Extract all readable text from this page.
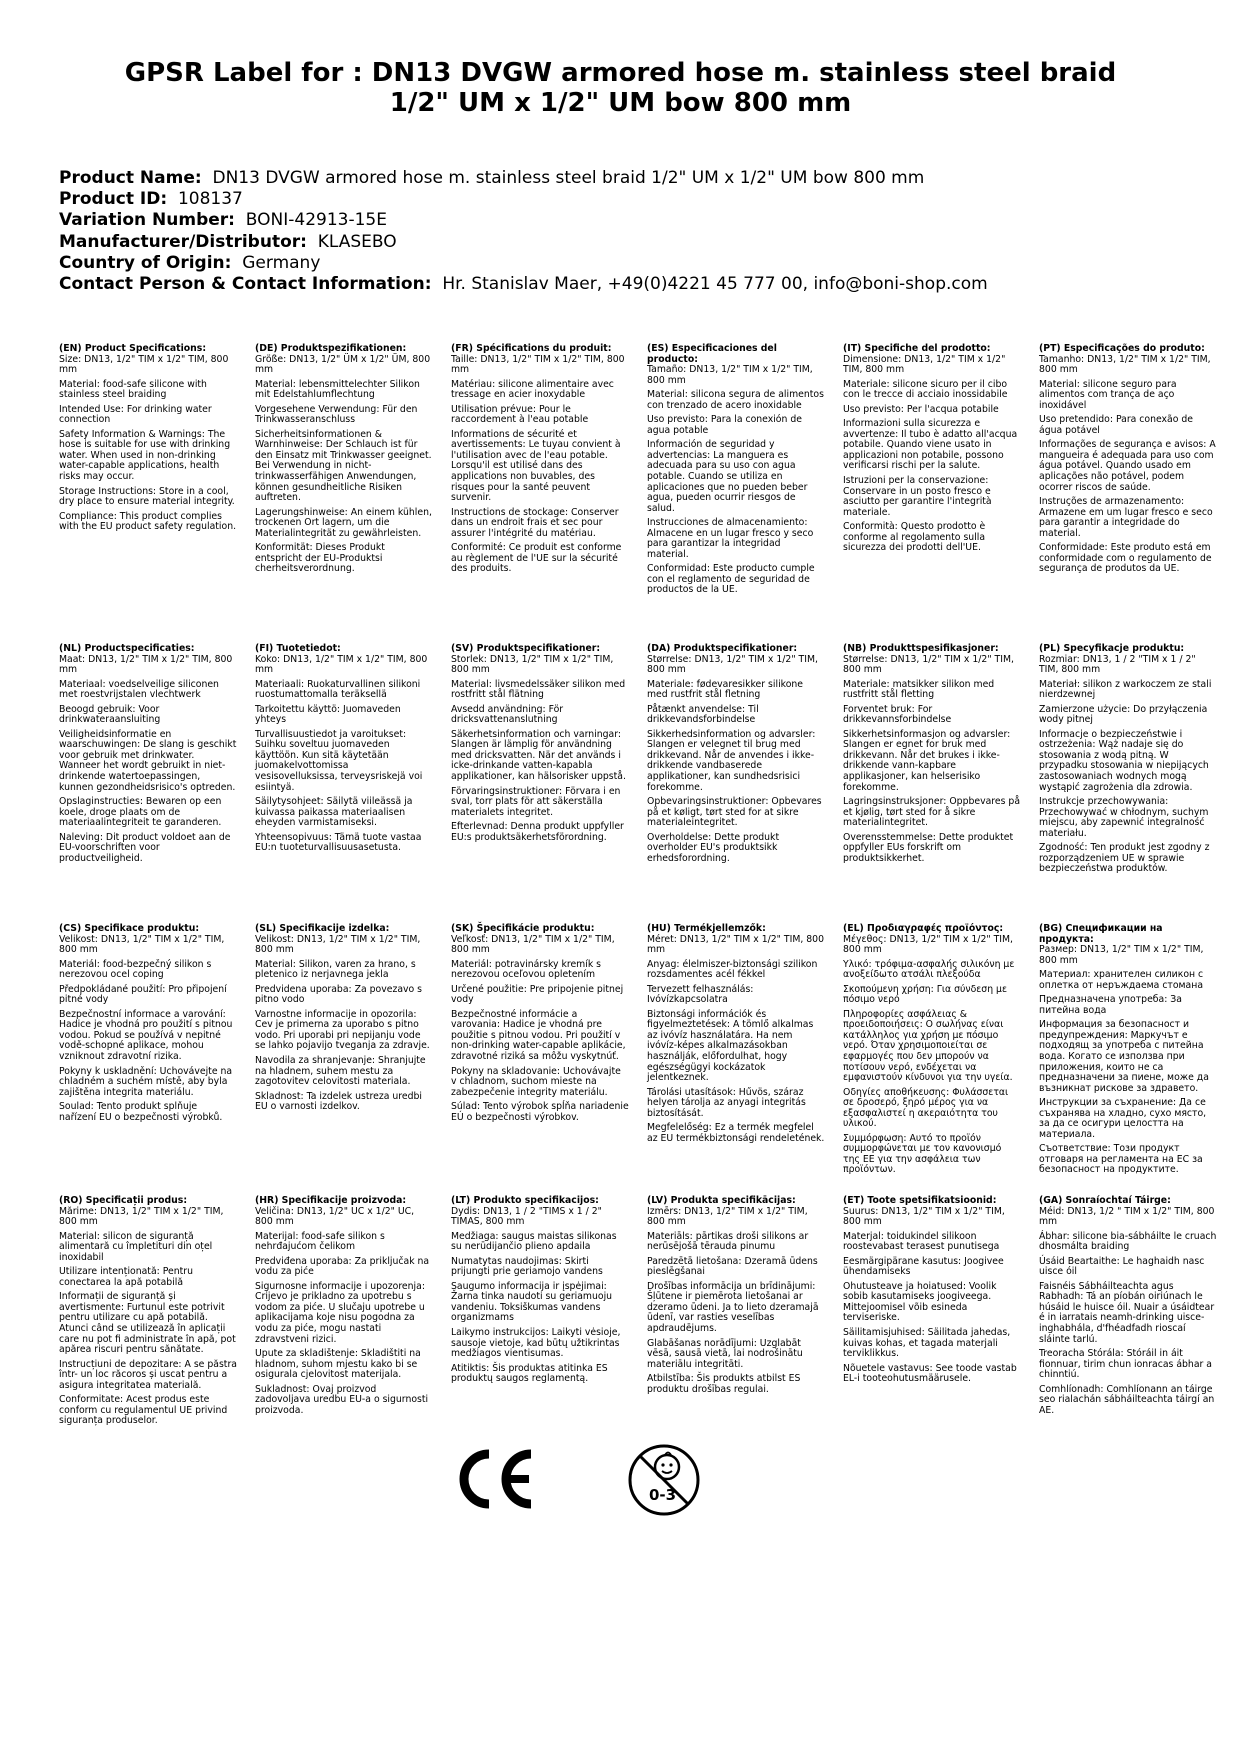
GPSR Label for : DN13 DVGW armored hose m. stainless steel braid
1/2" UM x 1/2" UM bow 800 mm
Product Name: DN13 DVGW armored hose m. stainless steel braid 1/2" UM x 1/2" UM bow 800 mm
Product ID: 108137
Variation Number: BONI-42913-15E
Manufacturer/Distributor: KLASEBO
Country of Origin: Germany
Contact Person & Contact Information: Hr. Stanislav Maer, +49(0)4221 45 777 00, info@boni-shop.com
(EN) Product Specifications:
Size: DN13, 1/2" TIM x 1/2" TIM, 800 mm
Material: food-safe silicone with stainless steel braiding
Intended Use: For drinking water connection
Safety Information & Warnings: The hose is suitable for use with drinking water. When used in non-drinking water-capable applications, health risks may occur.
Storage Instructions: Store in a cool, dry place to ensure material integrity.
Compliance: This product complies with the EU product safety regulation.
(DE) Produktspezifikationen:
Größe: DN13, 1/2" ÜM x 1/2" ÜM, 800 mm
Material: lebensmittelechter Silikon mit Edelstahlumflechtung
Vorgesehene Verwendung: Für den Trinkwasseranschluss
Sicherheitsinformationen & Warnhinweise: Der Schlauch ist für den Einsatz mit Trinkwasser geeignet. Bei Verwendung in nicht-trinkwasserfähigen Anwendungen, können gesundheitliche Risiken auftreten.
Lagerungshinweise: An einem kühlen, trockenen Ort lagern, um die Materialintegrität zu gewährleisten.
Konformität: Dieses Produkt entspricht der EU-Produktsi cherheitsverordnung.
(FR) Spécifications du produit:
Taille: DN13, 1/2" TIM x 1/2" TIM, 800 mm
Matériau: silicone alimentaire avec tressage en acier inoxydable
Utilisation prévue: Pour le raccordement à l'eau potable
Informations de sécurité et avertissements: Le tuyau convient à l'utilisation avec de l'eau potable. Lorsqu'il est utilisé dans des applications non buvables, des risques pour la santé peuvent survenir.
Instructions de stockage: Conserver dans un endroit frais et sec pour assurer l'intégrité du matériau.
Conformité: Ce produit est conforme au règlement de l'UE sur la sécurité des produits.
(ES) Especificaciones del producto:
Tamaño: DN13, 1/2" TIM x 1/2" TIM, 800 mm
Material: silicona segura de alimentos con trenzado de acero inoxidable
Uso previsto: Para la conexión de agua potable
Información de seguridad y advertencias: La manguera es adecuada para su uso con agua potable. Cuando se utiliza en aplicaciones que no pueden beber agua, pueden ocurrir riesgos de salud.
Instrucciones de almacenamiento: Almacene en un lugar fresco y seco para garantizar la integridad material.
Conformidad: Este producto cumple con el reglamento de seguridad de productos de la UE.
(IT) Specifiche del prodotto:
Dimensione: DN13, 1/2" TIM x 1/2" TIM, 800 mm
Materiale: silicone sicuro per il cibo con le trecce di acciaio inossidabile
Uso previsto: Per l'acqua potabile
Informazioni sulla sicurezza e avvertenze: Il tubo è adatto all'acqua potabile. Quando viene usato in applicazioni non potabile, possono verificarsi rischi per la salute.
Istruzioni per la conservazione: Conservare in un posto fresco e asciutto per garantire l'integrità materiale.
Conformità: Questo prodotto è conforme al regolamento sulla sicurezza dei prodotti dell'UE.
(PT) Especificações do produto:
Tamanho: DN13, 1/2" TIM x 1/2" TIM, 800 mm
Material: silicone seguro para alimentos com trança de aço inoxidável
Uso pretendido: Para conexão de água potável
Informações de segurança e avisos: A mangueira é adequada para uso com água potável. Quando usado em aplicações não potável, podem ocorrer riscos de saúde.
Instruções de armazenamento: Armazene em um lugar fresco e seco para garantir a integridade do material.
Conformidade: Este produto está em conformidade com o regulamento de segurança de produtos da UE.
(NL) Productspecificaties:
Maat: DN13, 1/2" TIM x 1/2" TIM, 800 mm
Materiaal: voedselveilige siliconen met roestvrijstalen vlechtwerk
Beoogd gebruik: Voor drinkwateraansluiting
Veiligheidsinformatie en waarschuwingen: De slang is geschikt voor gebruik met drinkwater. Wanneer het wordt gebruikt in niet-drinkende watertoepassingen, kunnen gezondheidsrisico's optreden.
Opslaginstructies: Bewaren op een koele, droge plaats om de materiaalintegriteit te garanderen.
Naleving: Dit product voldoet aan de EU-voorschriften voor productveiligheid.
(FI) Tuotetiedot:
Koko: DN13, 1/2" TIM x 1/2" TIM, 800 mm
Materiaali: Ruokaturvallinen silikoni ruostumattomalla teräksellä
Tarkoitettu käyttö: Juomaveden yhteys
Turvallisuustiedot ja varoitukset: Suihku soveltuu juomaveden käyttöön. Kun sitä käytetään juomakelvottomissa vesisovelluksissa, terveysriskejä voi esiintyä.
Säilytysohjeet: Säilytä viileässä ja kuivassa paikassa materiaalisen eheyden varmistamiseksi.
Yhteensopivuus: Tämä tuote vastaa EU:n tuoteturvallisuusasetusta.
(SV) Produktspecifikationer:
Storlek: DN13, 1/2" TIM x 1/2" TIM, 800 mm
Material: livsmedelssäker silikon med rostfritt stål flätning
Avsedd användning: För dricksvattenanslutning
Säkerhetsinformation och varningar: Slangen är lämplig för användning med dricksvatten. När det används i icke-drinkande vatten-kapabla applikationer, kan hälsorisker uppstå.
Förvaringsinstruktioner: Förvara i en sval, torr plats för att säkerställa materialets integritet.
Efterlevnad: Denna produkt uppfyller EU:s produktsäkerhetsförordning.
(DA) Produktspecifikationer:
Størrelse: DN13, 1/2" TIM x 1/2" TIM, 800 mm
Materiale: fødevaresikker silikone med rustfrit stål fletning
Påtænkt anvendelse: Til drikkevandsforbindelse
Sikkerhedsinformation og advarsler: Slangen er velegnet til brug med drikkevand. Når de anvendes i ikke-drikkende vandbaserede applikationer, kan sundhedsrisici forekomme.
Opbevaringsinstruktioner: Opbevares på et køligt, tørt sted for at sikre materialeintegritet.
Overholdelse: Dette produkt overholder EU's produktsikk erhedsforordning.
(NB) Produkttspesifikasjoner:
Størrelse: DN13, 1/2" TIM x 1/2" TIM, 800 mm
Materiale: matsikker silikon med rustfritt stål fletting
Forventet bruk: For drikkevannsforbindelse
Sikkerhetsinformasjon og advarsler: Slangen er egnet for bruk med drikkevann. Når det brukes i ikke-drikkende vann-kapbare applikasjoner, kan helserisiko forekomme.
Lagringsinstruksjoner: Oppbevares på et kjølig, tørt sted for å sikre materialintegritet.
Overensstemmelse: Dette produktet oppfyller EUs forskrift om produktsikkerhet.
(PL) Specyfikacje produktu:
Rozmiar: DN13, 1 / 2 "TIM x 1 / 2" TIM, 800 mm
Materiał: silikon z warkoczem ze stali nierdzewnej
Zamierzone użycie: Do przyłączenia wody pitnej
Informacje o bezpieczeństwie i ostrzeżenia: Wąż nadaje się do stosowania z wodą pitną. W przypadku stosowania w niepijących zastosowaniach wodnych mogą wystąpić zagrożenia dla zdrowia.
Instrukcje przechowywania: Przechowywać w chłodnym, suchym miejscu, aby zapewnić integralność materiału.
Zgodność: Ten produkt jest zgodny z rozporządzeniem UE w sprawie bezpieczeństwa produktów.
(CS) Specifikace produktu:
Velikost: DN13, 1/2" TIM x 1/2" TIM, 800 mm
Materiál: food-bezpečný silikon s nerezovou ocel coping
Předpokládané použití: Pro připojení pitné vody
Bezpečnostní informace a varování: Hadice je vhodná pro použití s pitnou vodou. Pokud se používá v nepitné vodě-schopné aplikace, mohou vzniknout zdravotní rizika.
Pokyny k uskladnění: Uchovávejte na chladném a suchém místě, aby byla zajištěna integrita materiálu.
Soulad: Tento produkt splňuje nařízení EU o bezpečnosti výrobků.
(SL) Specifikacije izdelka:
Velikost: DN13, 1/2" TIM x 1/2" TIM, 800 mm
Material: Silikon, varen za hrano, s pletenico iz nerjavnega jekla
Predvidena uporaba: Za povezavo s pitno vodo
Varnostne informacije in opozorila: Cev je primerna za uporabo s pitno vodo. Pri uporabi pri nepijanju vode se lahko pojavijo tveganja za zdravje.
Navodila za shranjevanje: Shranjujte na hladnem, suhem mestu za zagotovitev celovitosti materiala.
Skladnost: Ta izdelek ustreza uredbi EU o varnosti izdelkov.
(SK) Špecifikácie produktu:
Veľkosť: DN13, 1/2" TIM x 1/2" TIM, 800 mm
Materiál: potravinársky kremík s nerezovou oceľovou opletením
Určené použitie: Pre pripojenie pitnej vody
Bezpečnostné informácie a varovania: Hadice je vhodná pre použitie s pitnou vodou. Pri použití v non-drinking water-capable aplikácie, zdravotné riziká sa môžu vyskytnúť.
Pokyny na skladovanie: Uchovávajte v chladnom, suchom mieste na zabezpečenie integrity materiálu.
Súlad: Tento výrobok spĺňa nariadenie EÚ o bezpečnosti výrobkov.
(HU) Termékjellemzők:
Méret: DN13, 1/2" TIM x 1/2" TIM, 800 mm
Anyag: élelmiszer-biztonsági szilikon rozsdamentes acél fékkel
Tervezett felhasználás: Ivóvízkapcsolatra
Biztonsági információk és figyelmeztetések: A tömlő alkalmas az ivóvíz használatára. Ha nem ivóvíz-képes alkalmazásokban használják, előfordulhat, hogy egészségügyi kockázatok jelentkeznek.
Tárolási utasítások: Hűvös, száraz helyen tárolja az anyagi integritás biztosítását.
Megfelelőség: Ez a termék megfelel az EU termékbiztonsági rendeletének.
(EL) Προδιαγραφές προϊόντος:
Μέγεθος: DN13, 1/2" TIM x 1/2" TIM, 800 mm
Υλικό: τρόφιμα-ασφαλής σιλικόνη με ανοξείδωτο ατσάλι πλεξούδα
Σκοπούμενη χρήση: Για σύνδεση με πόσιμο νερό
Πληροφορίες ασφάλειας & προειδοποιήσεις: Ο σωλήνας είναι κατάλληλος για χρήση με πόσιμο νερό. Όταν χρησιμοποιείται σε εφαρμογές που δεν μπορούν να ποτίσουν νερό, ενδέχεται να εμφανιστούν κίνδυνοι για την υγεία.
Οδηγίες αποθήκευσης: Φυλάσσεται σε δροσερό, ξηρό μέρος για να εξασφαλιστεί η ακεραιότητα του υλικού.
Συμμόρφωση: Αυτό το προϊόν συμμορφώνεται με τον κανονισμό της ΕΕ για την ασφάλεια των προϊόντων.
(BG) Спецификации на продукта:
Размер: DN13, 1/2" TIM x 1/2" TIM, 800 mm
Материал: хранителен силикон с оплетка от неръждаема стомана
Предназначена употреба: За питейна вода
Информация за безопасност и предупреждения: Маркучът е подходящ за употреба с питейна вода. Когато се използва при приложения, които не са предназначени за пиене, може да възникнат рискове за здравето.
Инструкции за съхранение: Да се съхранява на хладно, сухо място, за да се осигури целостта на материала.
Съответствие: Този продукт отговаря на регламента на ЕС за безопасност на продуктите.
(RO) Specificații produs:
Mărime: DN13, 1/2" TIM x 1/2" TIM, 800 mm
Material: silicon de siguranță alimentară cu împletituri din oțel inoxidabil
Utilizare intenționată: Pentru conectarea la apă potabilă
Informații de siguranță și avertismente: Furtunul este potrivit pentru utilizare cu apă potabilă. Atunci când se utilizează în aplicații care nu pot fi administrate în apă, pot apărea riscuri pentru sănătate.
Instrucțiuni de depozitare: A se păstra într- un loc răcoros și uscat pentru a asigura integritatea materială.
Conformitate: Acest produs este conform cu regulamentul UE privind siguranța produselor.
(HR) Specifikacije proizvoda:
Veličina: DN13, 1/2" UC x 1/2" UC, 800 mm
Materijal: food-safe silikon s nehrđajućom čelikom
Predviđena uporaba: Za priključak na vodu za piće
Sigurnosne informacije i upozorenja: Crijevo je prikladno za upotrebu s vodom za piće. U slučaju upotrebe u aplikacijama koje nisu pogodna za vodu za piće, mogu nastati zdravstveni rizici.
Upute za skladištenje: Skladištiti na hladnom, suhom mjestu kako bi se osigurala cjelovitost materijala.
Sukladnost: Ovaj proizvod zadovoljava uredbu EU-a o sigurnosti proizvoda.
(LT) Produkto specifikacijos:
Dydis: DN13, 1 / 2 "TIMS x 1 / 2" TIMAS, 800 mm
Medžiaga: saugus maistas silikonas su nerūdijančio plieno apdaila
Numatytas naudojimas: Skirti prijungti prie geriamojo vandens
Saugumo informacija ir įspėjimai: Žarna tinka naudoti su geriamuoju vandeniu. Toksiškumas vandens organizmams
Laikymo instrukcijos: Laikyti vėsioje, sausoje vietoje, kad būtų užtikrintas medžiagos vientisumas.
Atitiktis: Šis produktas atitinka ES produktų saugos reglamentą.
(LV) Produkta specifikācijas:
Izmērs: DN13, 1/2" TIM x 1/2" TIM, 800 mm
Materiāls: pārtikas droši silikons ar nerūsējošā tērauda pinumu
Paredzētā lietošana: Dzeramā ūdens pieslēgšanai
Drošības informācija un brīdinājumi: Šļūtene ir piemērota lietošanai ar dzeramo ūdeni. Ja to lieto dzeramajā ūdenī, var rasties veselības apdraudējums.
Glabāšanas norādījumi: Uzglabāt vēsā, sausā vietā, lai nodrošinātu materiālu integritāti.
Atbilstība: Šis produkts atbilst ES produktu drošības regulai.
(ET) Toote spetsifikatsioonid:
Suurus: DN13, 1/2" TIM x 1/2" TIM, 800 mm
Materjal: toidukindel silikoon roostevabast terasest punutisega
Eesmärgipärane kasutus: Joogivee ühendamiseks
Ohutusteave ja hoiatused: Voolik sobib kasutamiseks joogiveega. Mittejoomisel võib esineda terviseriske.
Säilitamisjuhised: Säilitada jahedas, kuivas kohas, et tagada materjali terviklikkus.
Nõuetele vastavus: See toode vastab EL-i tooteohutusmäärusele.
(GA) Sonraíochtaí Táirge:
Méid: DN13, 1/2 " TIM x 1/2" TIM, 800 mm
Ábhar: silicone bia-sábháilte le cruach dhosmálta braiding
Úsáid Beartaithe: Le haghaidh nasc uisce óil
Faisnéis Sábháilteachta agus Rabhadh: Tá an píobán oiriúnach le húsáid le huisce óil. Nuair a úsáidtear é in iarratais neamh-drinking uisce-inghabhála, d'fhéadfadh rioscaí sláinte tarlú.
Treoracha Stórála: Stóráil in áit fionnuar, tirim chun ionracas ábhar a chinntiú.
Comhlíonadh: Comhlíonann an táirge seo rialachán sábháilteachta táirgí an AE.
0-3
